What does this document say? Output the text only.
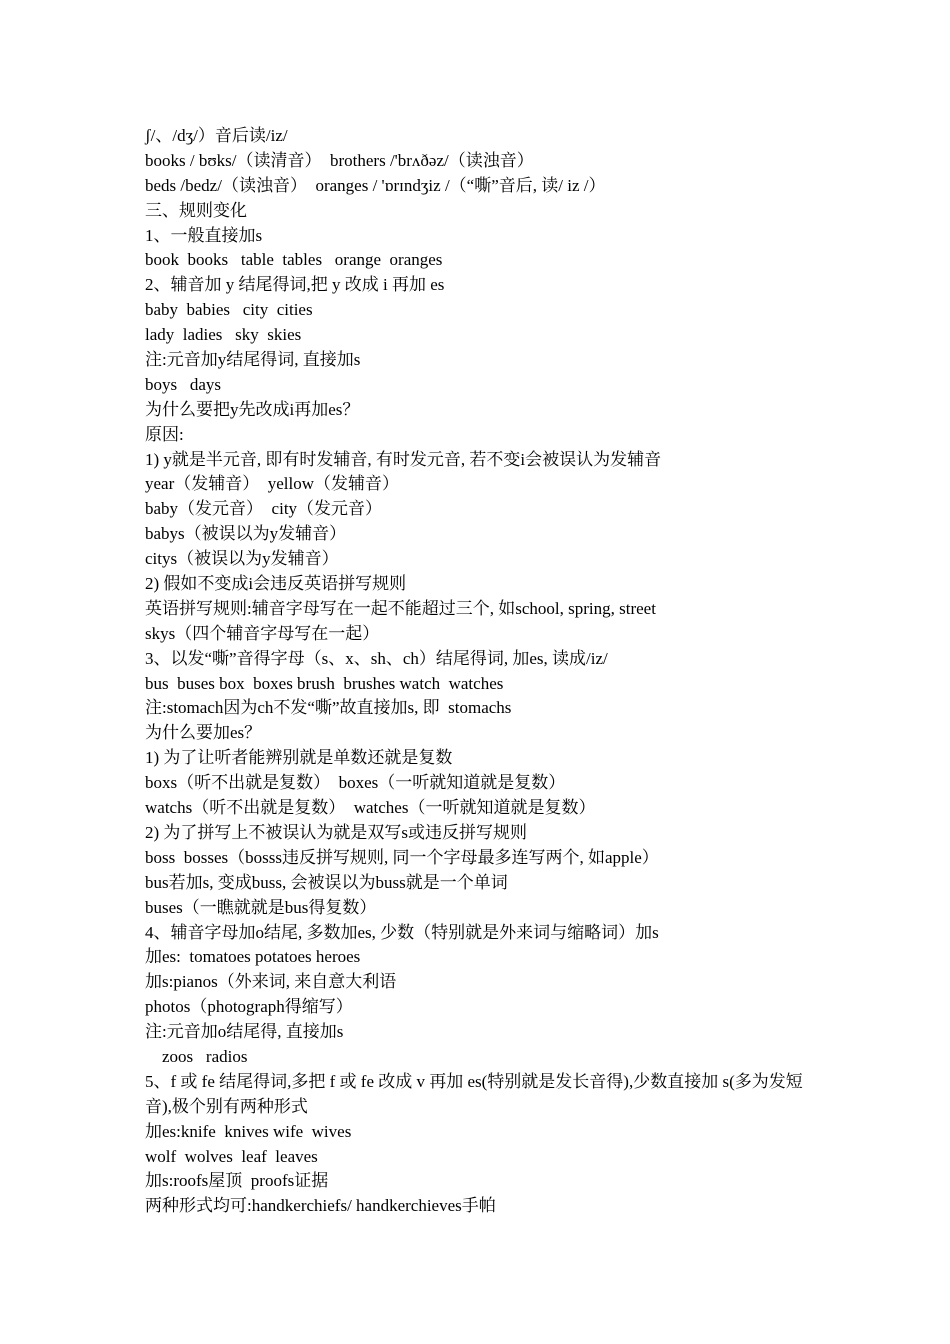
ʃ/、/dʒ/）音后读/iz/
books / bʊks/（读清音）  brothers /'brʌðəz/（读浊音）
beds /bedz/（读浊音）  oranges / 'ɒrɪndʒiz /（“嘶”音后, 读/ iz /）
三、规则变化
1、一般直接加s
book  books   table  tables   orange  oranges
2、辅音加 y 结尾得词,把 y 改成 i 再加 es
baby  babies   city  cities
lady  ladies   sky  skies
注:元音加y结尾得词, 直接加s
boys   days
为什么要把y先改成i再加es？
原因:
1) y就是半元音, 即有时发辅音, 有时发元音, 若不变i会被误认为发辅音
year（发辅音）  yellow（发辅音）
baby（发元音）  city（发元音）
babys（被误以为y发辅音）
citys（被误以为y发辅音）
2) 假如不变成i会违反英语拼写规则
英语拼写规则:辅音字母写在一起不能超过三个, 如school, spring, street
skys（四个辅音字母写在一起）
3、以发“嘶”音得字母（s、x、sh、ch）结尾得词, 加es, 读成/iz/
bus  buses box  boxes brush  brushes watch  watches
注:stomach因为ch不发“嘶”故直接加s, 即  stomachs
为什么要加es？
1) 为了让听者能辨别就是单数还就是复数
boxs（听不出就是复数）  boxes（一听就知道就是复数）
watchs（听不出就是复数）  watches（一听就知道就是复数）
2) 为了拼写上不被误认为就是双写s或违反拼写规则
boss  bosses（bosss违反拼写规则, 同一个字母最多连写两个, 如apple）
bus若加s, 变成buss, 会被误以为buss就是一个单词
buses（一瞧就就是bus得复数）
4、辅音字母加o结尾, 多数加es, 少数（特别就是外来词与缩略词）加s
加es:  tomatoes potatoes heroes
加s:pianos（外来词, 来自意大利语
photos（photograph得缩写）
注:元音加o结尾得, 直接加s
zoos   radios
5、f 或 fe 结尾得词,多把 f 或 fe 改成 v 再加 es(特别就是发长音得),少数直接加 s(多为发短音),极个别有两种形式
加es:knife  knives wife  wives
wolf  wolves  leaf  leaves
加s:roofs屋顶  proofs证据
两种形式均可:handkerchiefs/ handkerchieves手帕
